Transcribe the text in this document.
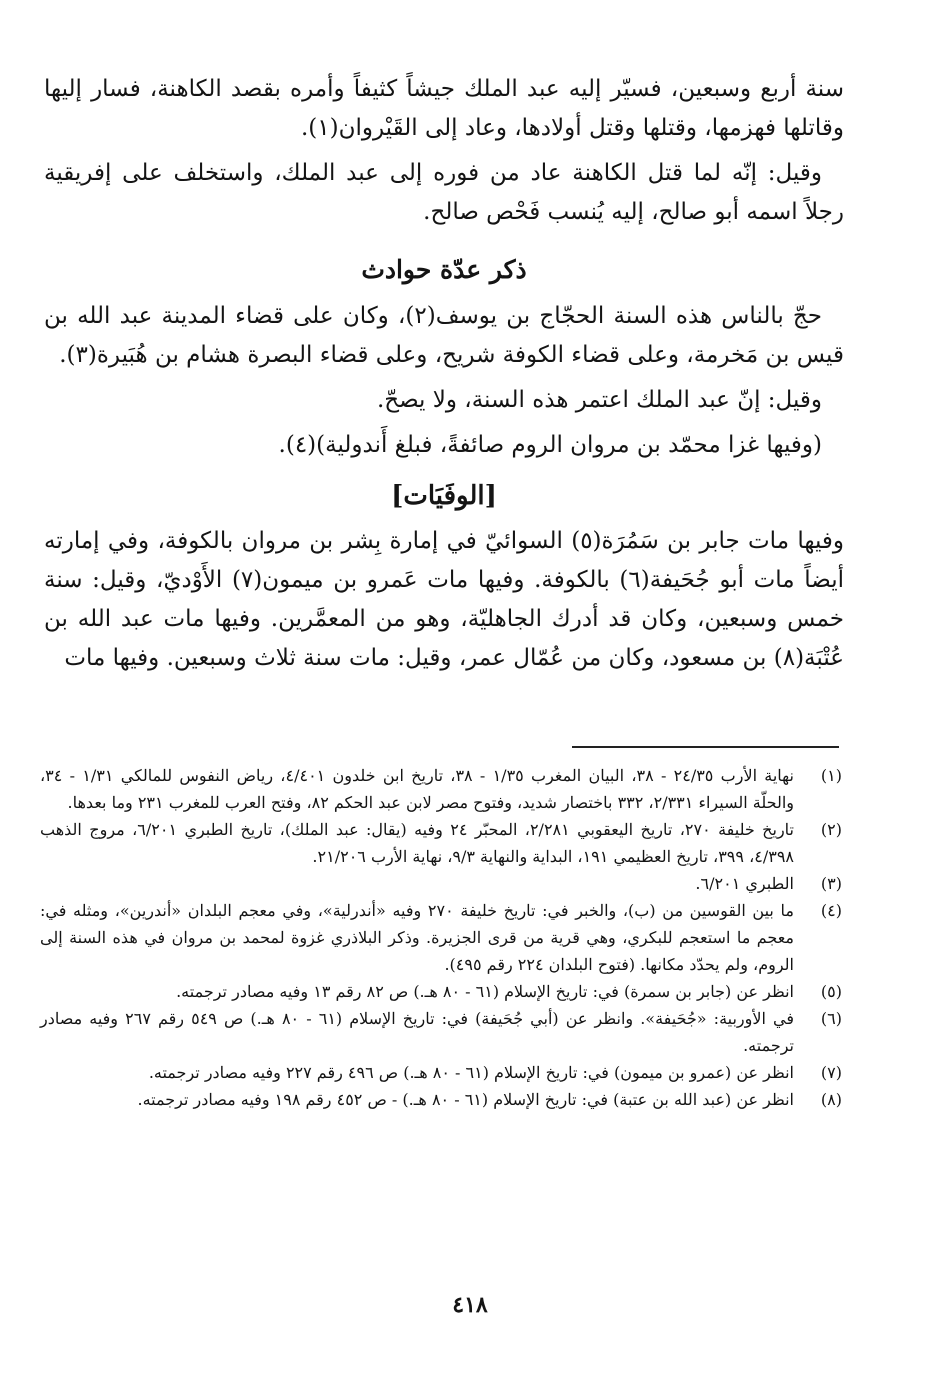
سنة أربع وسبعين، فسيّر إليه عبد الملك جيشاً كثيفاً وأمره بقصد الكاهنة، فسار إليها وقاتلها فهزمها، وقتلها وقتل أولادها، وعاد إلى القَيْروان(١).

وقيل: إنّه لما قتل الكاهنة عاد من فوره إلى عبد الملك، واستخلف على إفريقية رجلاً اسمه أبو صالح، إليه يُنسب فَحْص صالح.

ذكر عدّة حوادث

حجّ بالناس هذه السنة الحجّاج بن يوسف(٢)، وكان على قضاء المدينة عبد الله بن قيس بن مَخرمة، وعلى قضاء الكوفة شريح، وعلى قضاء البصرة هشام بن هُبَيرة(٣).

وقيل: إنّ عبد الملك اعتمر هذه السنة، ولا يصحّ.

(وفيها غزا محمّد بن مروان الروم صائفةً، فبلغ أَندولية)(٤).

[الوفَيَات]

وفيها مات جابر بن سَمُرَة(٥) السوائيّ في إمارة بِشر بن مروان بالكوفة، وفي إمارته أيضاً مات أبو جُحَيفة(٦) بالكوفة. وفيها مات عَمرو بن ميمون(٧) الأَوْديّ، وقيل: سنة خمس وسبعين، وكان قد أدرك الجاهليّة، وهو من المعمَّرين. وفيها مات عبد الله بن عُتْبَة(٨) بن مسعود، وكان من عُمّال عمر، وقيل: مات سنة ثلاث وسبعين. وفيها مات

(١)
نهاية الأرب ٢٤/٣٥ - ٣٨، البيان المغرب ١/٣٥ - ٣٨، تاريخ ابن خلدون ٤/٤٠١، رياض النفوس للمالكي ١/٣١ - ٣٤، والحلّة السيراء ٢/٣٣١، ٣٣٢ باختصار شديد، وفتوح مصر لابن عبد الحكم ٨٢، وفتح العرب للمغرب ٢٣١ وما بعدها.
(٢)
تاريخ خليفة ٢٧٠، تاريخ اليعقوبي ٢/٢٨١، المحبّر ٢٤ وفيه (يقال: عبد الملك)، تاريخ الطبري ٦/٢٠١، مروج الذهب ٤/٣٩٨، ٣٩٩، تاريخ العظيمي ١٩١، البداية والنهاية ٩/٣، نهاية الأرب ٢١/٢٠٦.
(٣)
الطبري ٦/٢٠١.
(٤)
ما بين القوسين من (ب)، والخبر في: تاريخ خليفة ٢٧٠ وفيه «أندرلية»، وفي معجم البلدان «أندرين»، ومثله في: معجم ما استعجم للبكري، وهي قرية من قرى الجزيرة. وذكر البلاذري غزوة لمحمد بن مروان في هذه السنة إلى الروم، ولم يحدّد مكانها. (فتوح البلدان ٢٢٤ رقم ٤٩٥).
(٥)
انظر عن (جابر بن سمرة) في: تاريخ الإسلام (٦١ - ٨٠ هـ.) ص ٨٢ رقم ١٣ وفيه مصادر ترجمته.
(٦)
في الأوربية: «جُحَيفة». وانظر عن (أبي جُحَيفة) في: تاريخ الإسلام (٦١ - ٨٠ هـ.) ص ٥٤٩ رقم ٢٦٧ وفيه مصادر ترجمته.
(٧)
انظر عن (عمرو بن ميمون) في: تاريخ الإسلام (٦١ - ٨٠ هـ.) ص ٤٩٦ رقم ٢٢٧ وفيه مصادر ترجمته.
(٨)
انظر عن (عبد الله بن عتبة) في: تاريخ الإسلام (٦١ - ٨٠ هـ.) - ص ٤٥٢ رقم ١٩٨ وفيه مصادر ترجمته.
٤١٨
